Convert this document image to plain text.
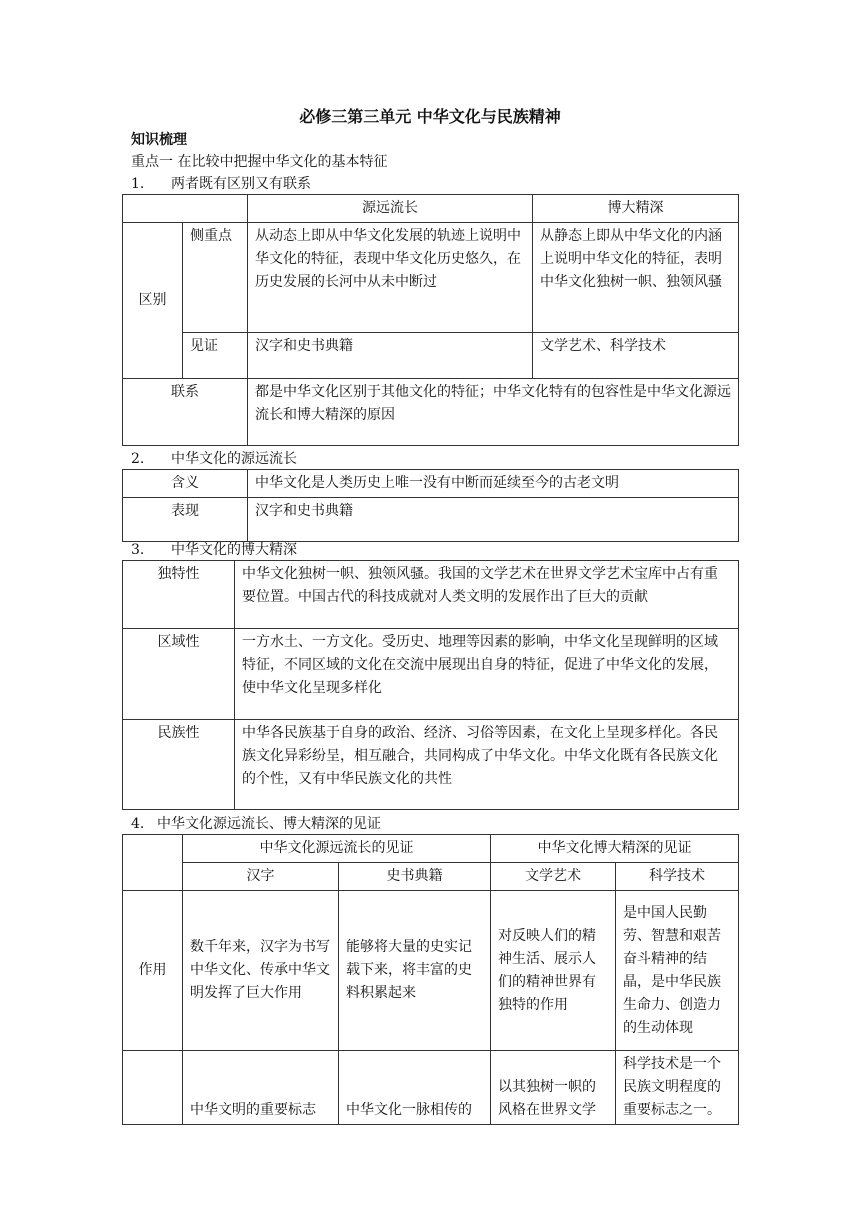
必修三第三单元 中华文化与民族精神
知识梳理
重点一 在比较中把握中华文化的基本特征
1. 两者既有区别又有联系
		源远流长	博大精深
区别	侧重点	从动态上即从中华文化发展的轨迹上说明中华文化的特征，表现中华文化历史悠久，在历史发展的长河中从未中断过	从静态上即从中华文化的内涵上说明中华文化的特征，表明中华文化独树一帜、独领风骚
	见证	汉字和史书典籍	文学艺术、科学技术
联系		都是中华文化区别于其他文化的特征；中华文化特有的包容性是中华文化源远流长和博大精深的原因	
2. 中华文化的源远流长
含义	中华文化是人类历史上唯一没有中断而延续至今的古老文明
表现	汉字和史书典籍
3. 中华文化的博大精深
独特性	中华文化独树一帜、独领风骚。我国的文学艺术在世界文学艺术宝库中占有重要位置。中国古代的科技成就对人类文明的发展作出了巨大的贡献
区域性	一方水土、一方文化。受历史、地理等因素的影响，中华文化呈现鲜明的区域特征，不同区域的文化在交流中展现出自身的特征，促进了中华文化的发展，使中华文化呈现多样化
民族性	中华各民族基于自身的政治、经济、习俗等因素，在文化上呈现多样化。各民族文化异彩纷呈，相互融合，共同构成了中华文化。中华文化既有各民族文化的个性，又有中华民族文化的共性
4. 中华文化源远流长、博大精深的见证
	中华文化源远流长的见证		中华文化博大精深的见证	
	汉字	史书典籍	文学艺术	科学技术
作用	数千年来，汉字为书写中华文化、传承中华文明发挥了巨大作用	能够将大量的史实记载下来，将丰富的史料积累起来	对反映人们的精神生活、展示人们的精神世界有独特的作用	是中国人民勤劳、智慧和艰苦奋斗精神的结晶，是中华民族生命力、创造力的生动体现
	中华文明的重要标志	中华文化一脉相传的	以其独树一帜的风格在世界文学	科学技术是一个民族文明程度的重要标志之一。
